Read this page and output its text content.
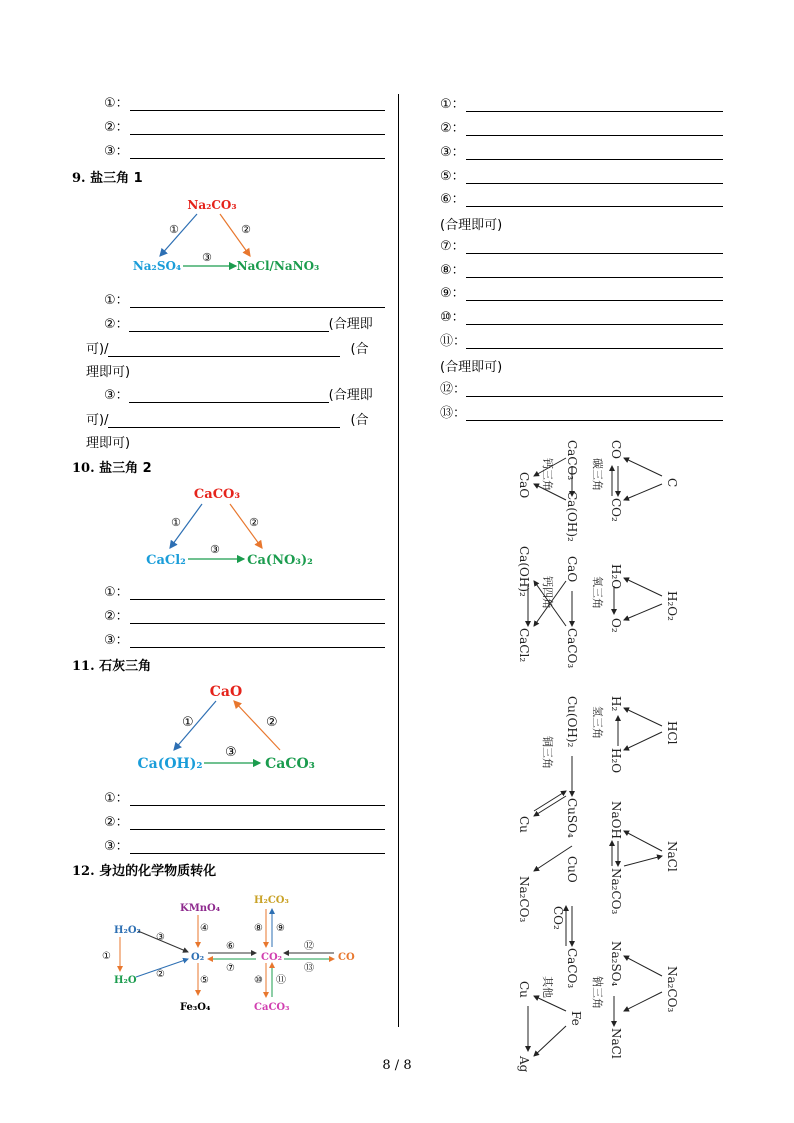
①：
②：
③：
9. 盐三角 1
Na₂CO₃
Na₂SO₄	NaCl/NaNO₃
①	②
③
①：
②：	(合理即
可)/	(合
理即可)
③：	(合理即
可)/	(合
理即可)
10. 盐三角 2
CaCO₃
CaCl₂	Ca(NO₃)₂
①	②
③
①：
②：
③：
11. 石灰三角
CaO
Ca(OH)₂	CaCO₃
①	②
③
①：
②：
③：
12. 身边的化学物质转化
H₂O₂
H₂O
KMnO₄
O₂
Fe₃O₄
H₂CO₃
CO₂
CaCO₃
CO
①
③
②
④
⑤
⑥
⑦
⑧ ⑨
⑩ ⑪
⑫
⑬
①：
②：
③：
⑤：
⑥：
(合理即可)
⑦：
⑧：
⑨：
⑩：
⑪：
(合理即可)
⑫：
⑬：
C
CO
CO₂
H₂O₂
H₂O
O₂
HCl
H₂
H₂O
NaCl
NaOH
Na₂CO₃
Na₂CO₃
Na₂SO₄
NaCl
CaCO₃
Ca(OH)₂
CaO
CaO
CaCO₃
CaCl₂
Ca(OH)₂
Cu(OH)₂
CuSO₄
Cu
CuO
Na₂CO₃ CO₂
CaCO₃
Fe
Cu
Ag
碳三角
氧三角
氢三角
钠三角
钙三角
钙四角
铜三角
其他
8 / 8
